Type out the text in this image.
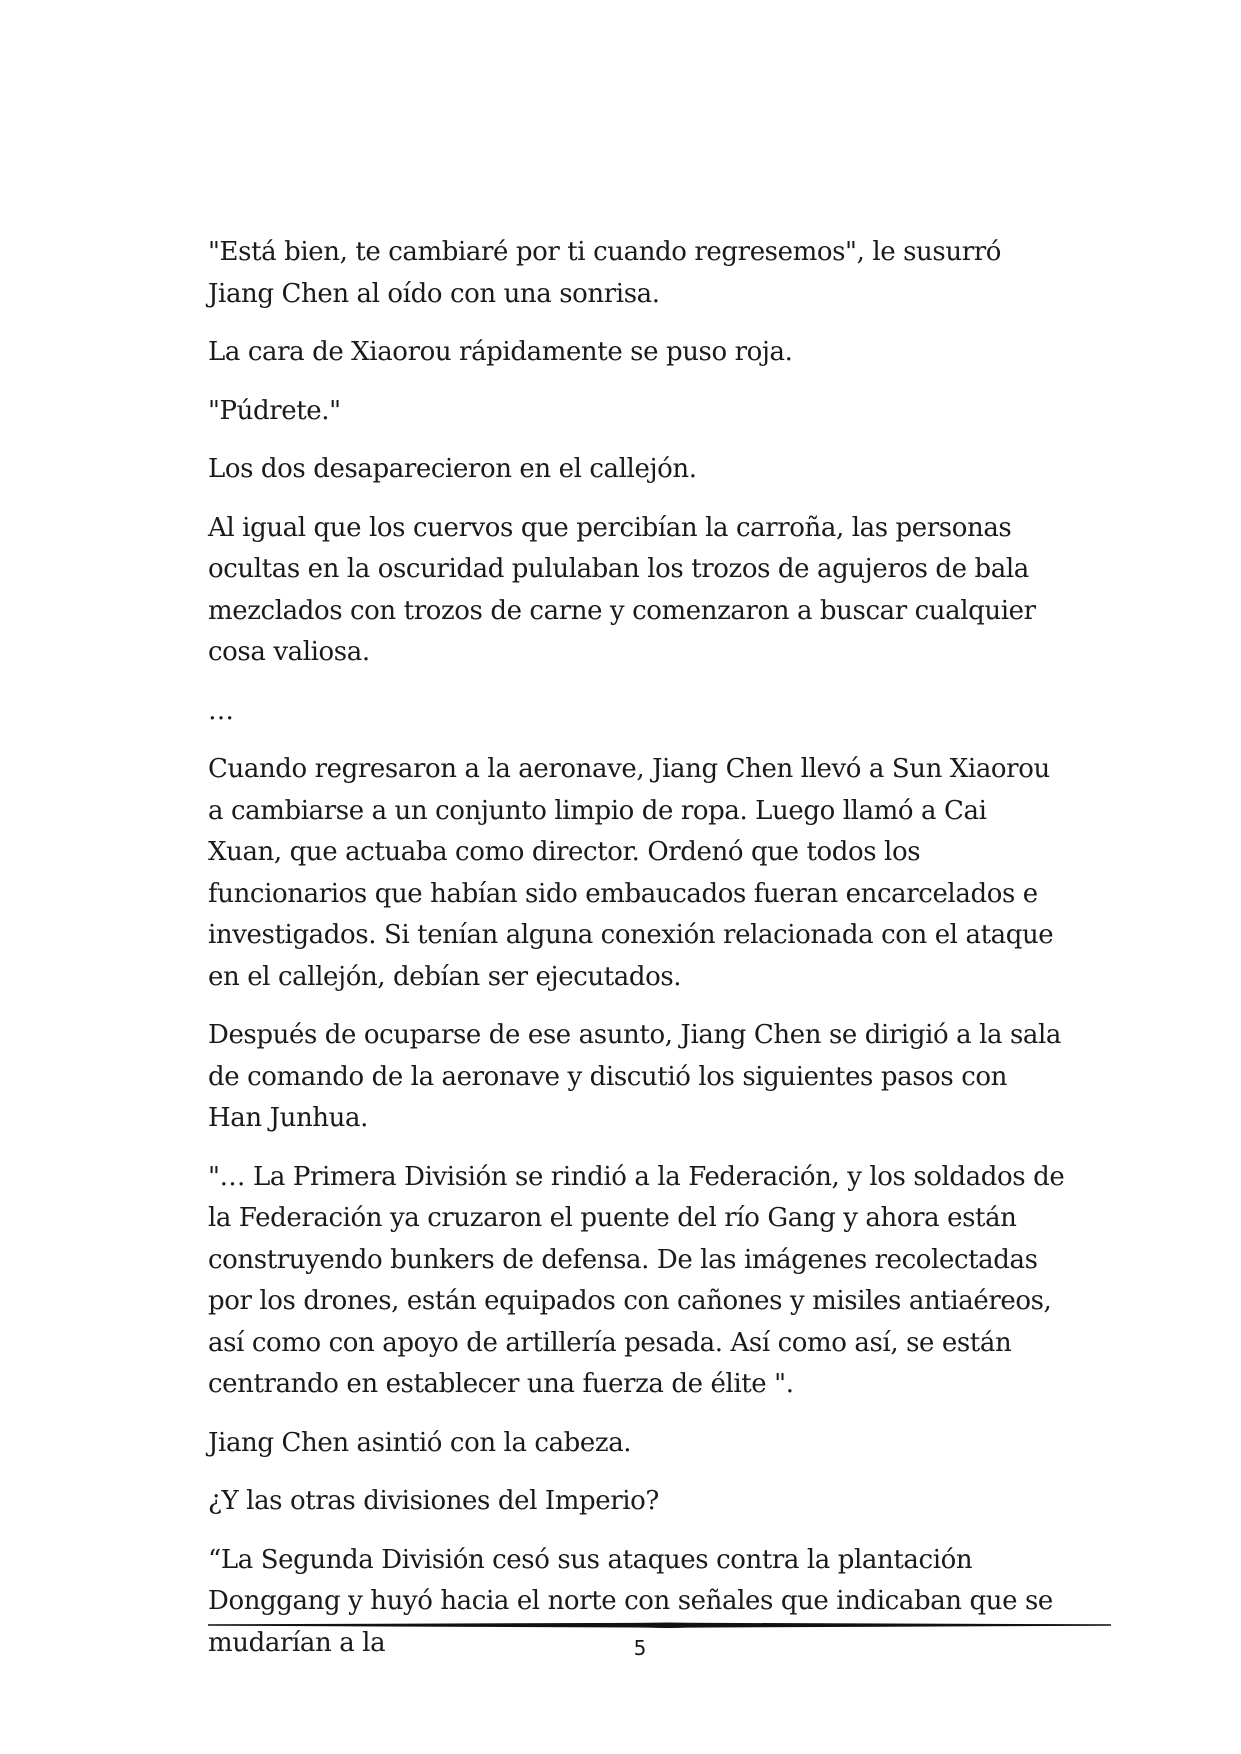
"Está bien, te cambiaré por ti cuando regresemos", le susurró Jiang Chen al oído con una sonrisa.

La cara de Xiaorou rápidamente se puso roja.

"Púdrete."

Los dos desaparecieron en el callejón.

Al igual que los cuervos que percibían la carroña, las personas ocultas en la oscuridad pululaban los trozos de agujeros de bala mezclados con trozos de carne y comenzaron a buscar cualquier cosa valiosa.

…

Cuando regresaron a la aeronave, Jiang Chen llevó a Sun Xiaorou a cambiarse a un conjunto limpio de ropa. Luego llamó a Cai Xuan, que actuaba como director. Ordenó que todos los funcionarios que habían sido embaucados fueran encarcelados e investigados. Si tenían alguna conexión relacionada con el ataque en el callejón, debían ser ejecutados.

Después de ocuparse de ese asunto, Jiang Chen se dirigió a la sala de comando de la aeronave y discutió los siguientes pasos con Han Junhua.

"… La Primera División se rindió a la Federación, y los soldados de la Federación ya cruzaron el puente del río Gang y ahora están construyendo bunkers de defensa. De las imágenes recolectadas por los drones, están equipados con cañones y misiles antiaéreos, así como con apoyo de artillería pesada. Así como así, se están centrando en establecer una fuerza de élite ".

Jiang Chen asintió con la cabeza.

¿Y las otras divisiones del Imperio?

“La Segunda División cesó sus ataques contra la plantación Donggang y huyó hacia el norte con señales que indicaban que se mudarían a la	5
